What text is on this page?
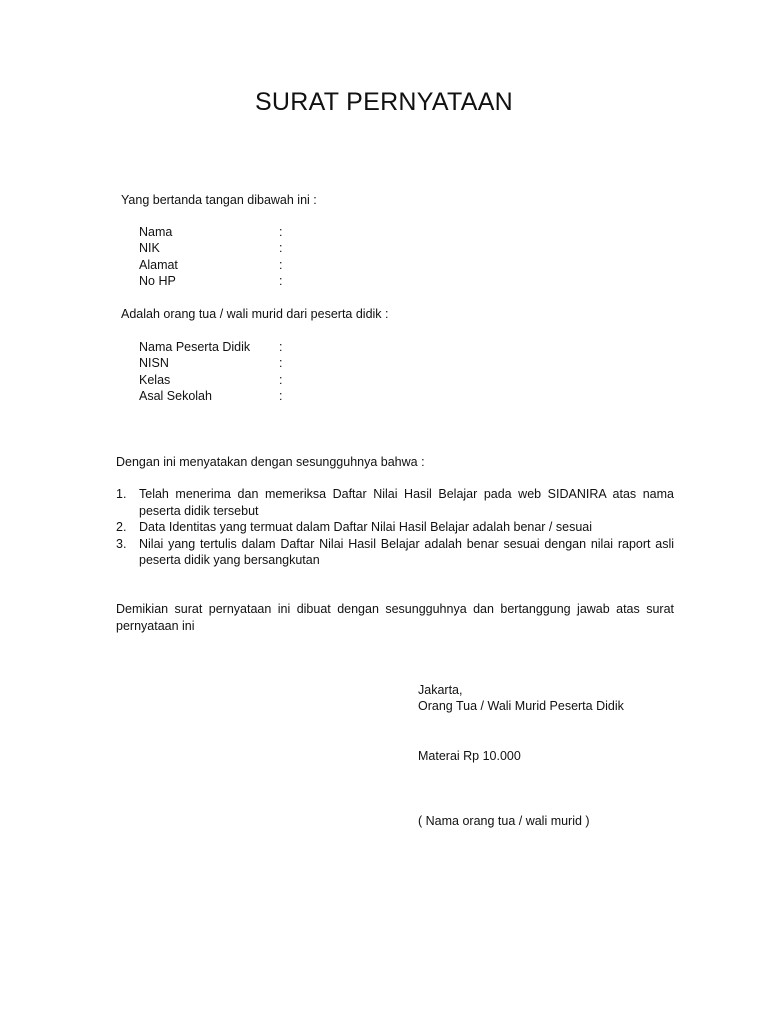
SURAT PERNYATAAN
Yang bertanda tangan dibawah ini :
Nama	:
NIK	:
Alamat	:
No HP	:
Adalah orang tua / wali murid dari peserta didik :
Nama Peserta Didik :
NISN	:
Kelas	:
Asal Sekolah	:
Dengan ini menyatakan dengan sesungguhnya bahwa :
1. Telah menerima dan memeriksa Daftar Nilai Hasil Belajar pada web SIDANIRA atas nama
peserta didik tersebut
2. Data Identitas yang termuat dalam Daftar Nilai Hasil Belajar adalah benar / sesuai
3. Nilai yang tertulis dalam Daftar Nilai Hasil Belajar adalah benar sesuai dengan nilai raport asli
peserta didik yang bersangkutan
Demikian surat pernyataan ini dibuat dengan sesungguhnya dan bertanggung jawab atas surat
pernyataan ini
Jakarta,
Orang Tua / Wali Murid Peserta Didik
Materai Rp 10.000
( Nama orang tua / wali murid )
